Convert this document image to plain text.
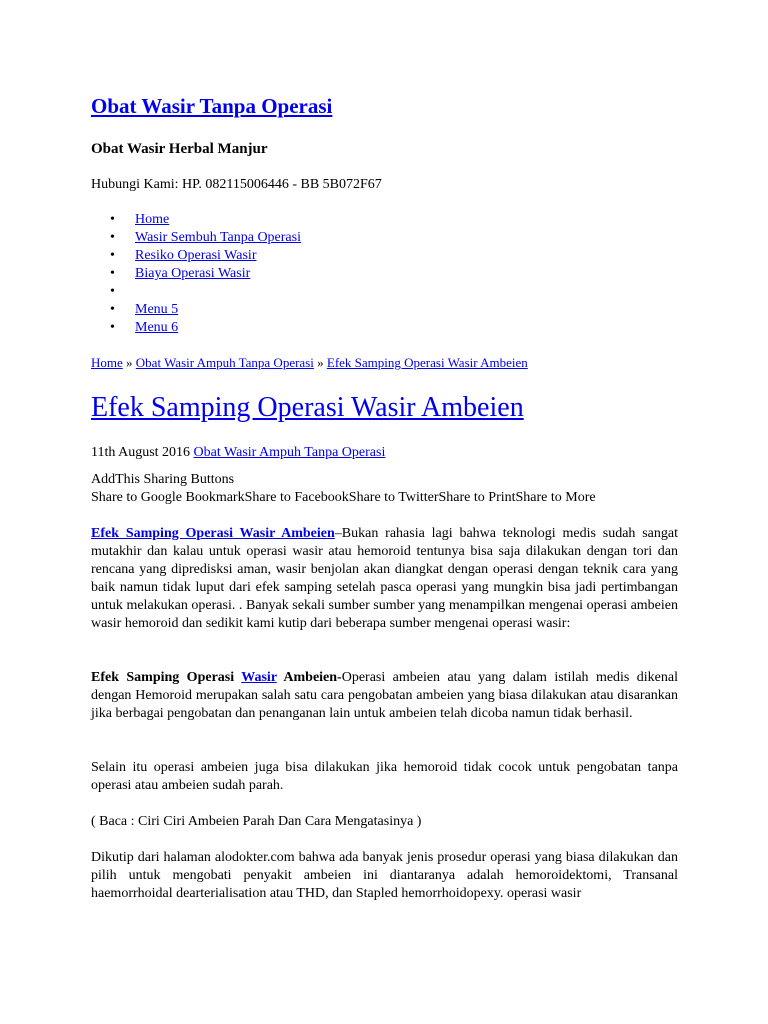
Obat Wasir Tanpa Operasi
Obat Wasir Herbal Manjur

Hubungi Kami: HP. 082115006446 - BB 5B072F67

• Home
• Wasir Sembuh Tanpa Operasi
• Resiko Operasi Wasir
• Biaya Operasi Wasir
•
• Menu 5
• Menu 6

Home » Obat Wasir Ampuh Tanpa Operasi » Efek Samping Operasi Wasir Ambeien

Efek Samping Operasi Wasir Ambeien

11th August 2016 Obat Wasir Ampuh Tanpa Operasi

AddThis Sharing Buttons

Share to Google BookmarkShare to FacebookShare to TwitterShare to PrintShare to More

Efek Samping Operasi Wasir Ambeien–Bukan rahasia lagi bahwa teknologi medis sudah sangat mutakhir dan kalau untuk operasi wasir atau hemoroid tentunya bisa saja dilakukan dengan tori dan rencana yang dipredisksi aman, wasir benjolan akan diangkat dengan operasi dengan teknik cara yang baik namun tidak luput dari efek samping setelah pasca operasi yang mungkin bisa jadi pertimbangan untuk melakukan operasi. . Banyak sekali sumber sumber yang menampilkan mengenai operasi ambeien wasir hemoroid dan sedikit kami kutip dari beberapa sumber mengenai operasi wasir:

Efek Samping Operasi Wasir Ambeien-Operasi ambeien atau yang dalam istilah medis dikenal dengan Hemoroid merupakan salah satu cara pengobatan ambeien yang biasa dilakukan atau disarankan jika berbagai pengobatan dan penanganan lain untuk ambeien telah dicoba namun tidak berhasil.

Selain itu operasi ambeien juga bisa dilakukan jika hemoroid tidak cocok untuk pengobatan tanpa operasi atau ambeien sudah parah.

( Baca : Ciri Ciri Ambeien Parah Dan Cara Mengatasinya )

Dikutip dari halaman alodokter.com bahwa ada banyak jenis prosedur operasi yang biasa dilakukan dan pilih untuk mengobati penyakit ambeien ini diantaranya adalah hemoroidektomi, Transanal haemorrhoidal dearterialisation atau THD, dan Stapled hemorrhoidopexy. operasi wasir
